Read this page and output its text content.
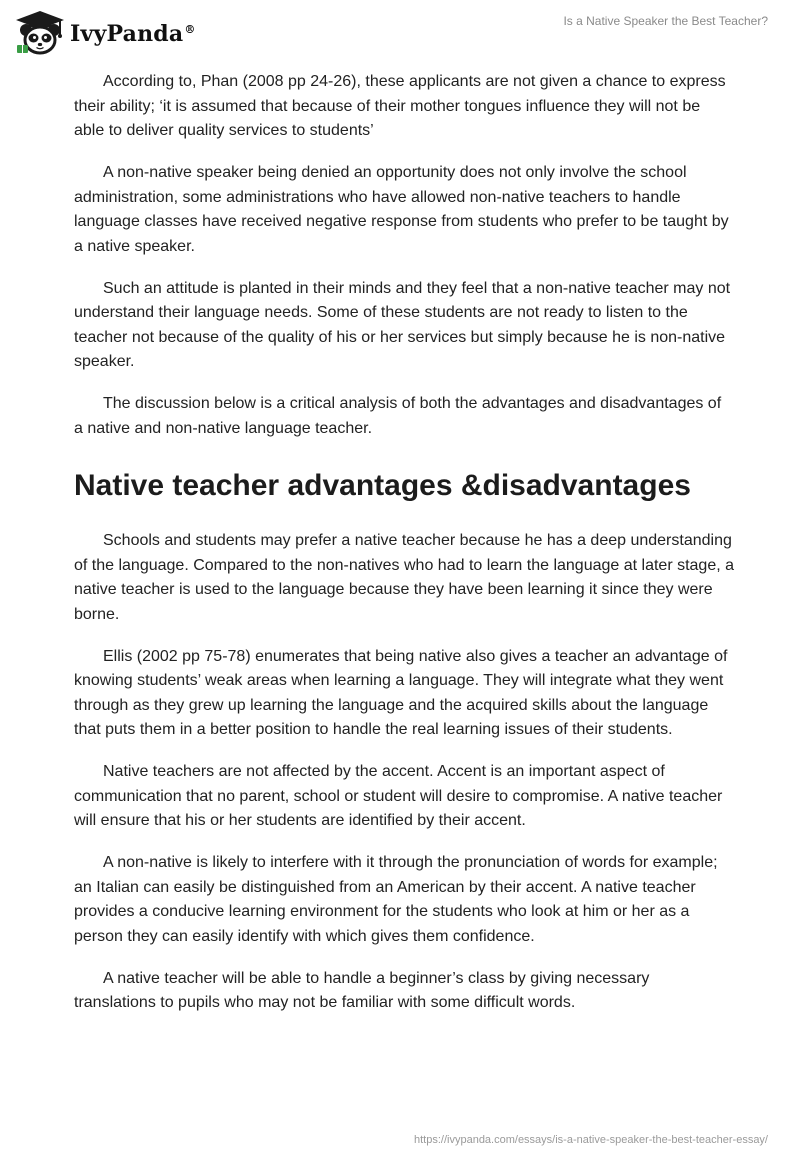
IvyPanda®
Is a Native Speaker the Best Teacher?

According to, Phan (2008 pp 24-26), these applicants are not given a chance to express their ability; ‘it is assumed that because of their mother tongues influence they will not be able to deliver quality services to students’

A non-native speaker being denied an opportunity does not only involve the school administration, some administrations who have allowed non-native teachers to handle language classes have received negative response from students who prefer to be taught by a native speaker.

Such an attitude is planted in their minds and they feel that a non-native teacher may not understand their language needs. Some of these students are not ready to listen to the teacher not because of the quality of his or her services but simply because he is non-native speaker.

The discussion below is a critical analysis of both the advantages and disadvantages of a native and non-native language teacher.

Native teacher advantages &disadvantages

Schools and students may prefer a native teacher because he has a deep understanding of the language. Compared to the non-natives who had to learn the language at later stage, a native teacher is used to the language because they have been learning it since they were borne.

Ellis (2002 pp 75-78) enumerates that being native also gives a teacher an advantage of knowing students’ weak areas when learning a language. They will integrate what they went through as they grew up learning the language and the acquired skills about the language that puts them in a better position to handle the real learning issues of their students.

Native teachers are not affected by the accent. Accent is an important aspect of communication that no parent, school or student will desire to compromise. A native teacher will ensure that his or her students are identified by their accent.

A non-native is likely to interfere with it through the pronunciation of words for example; an Italian can easily be distinguished from an American by their accent. A native teacher provides a conducive learning environment for the students who look at him or her as a person they can easily identify with which gives them confidence.

A native teacher will be able to handle a beginner’s class by giving necessary translations to pupils who may not be familiar with some difficult words.

https://ivypanda.com/essays/is-a-native-speaker-the-best-teacher-essay/
